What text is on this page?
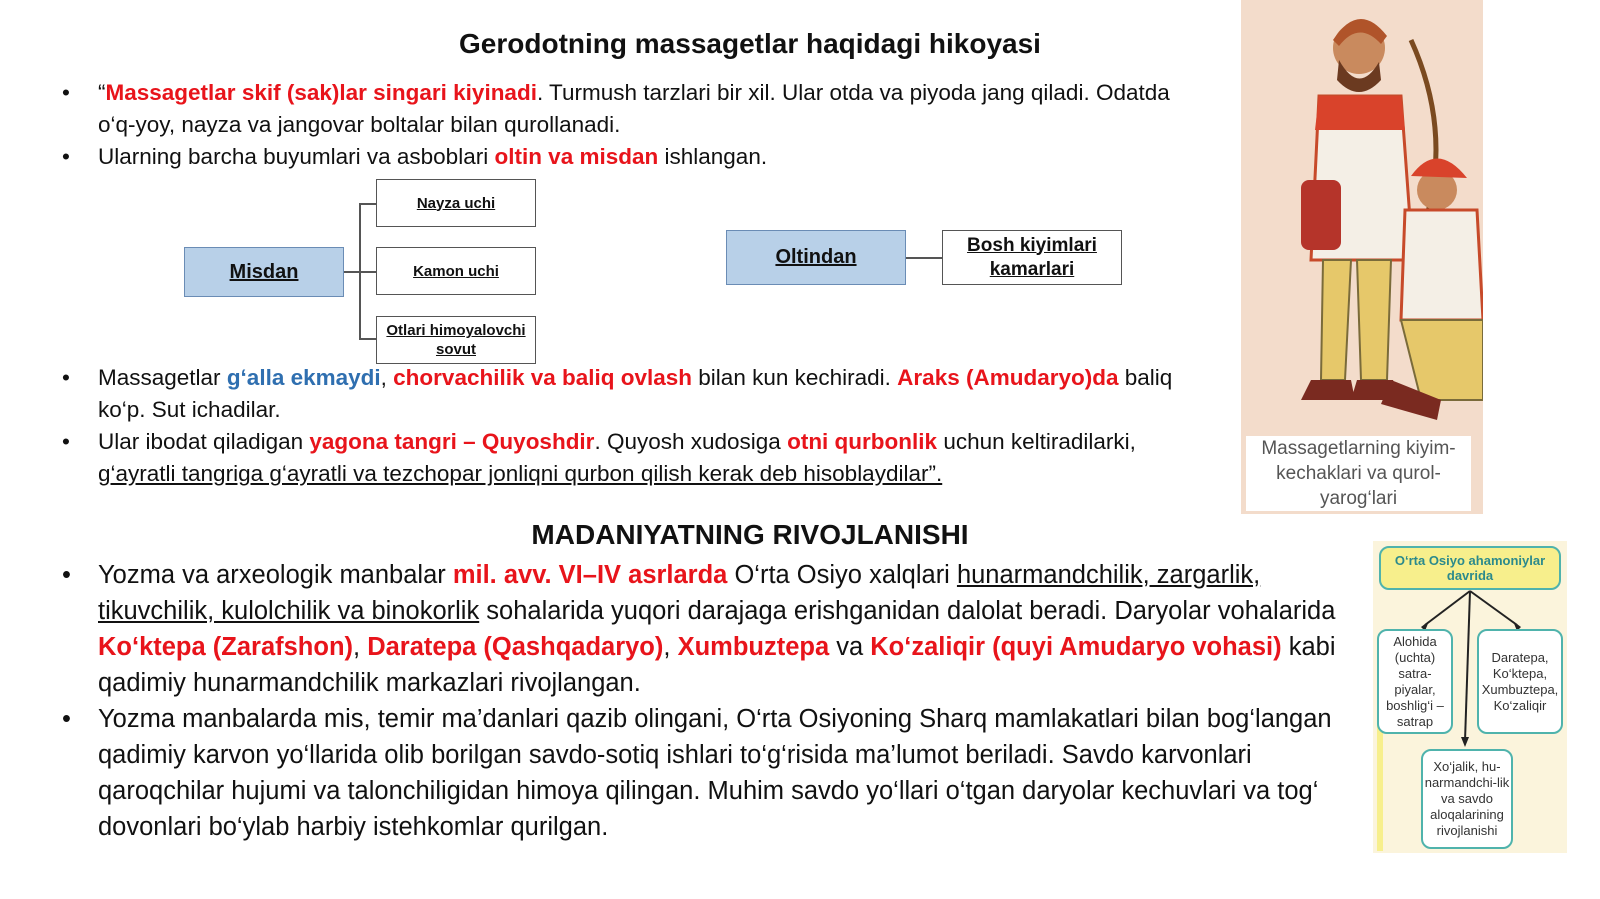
Gerodotning massagetlar haqidagi hikoyasi
• “Massagetlar skif (sak)lar singari kiyinadi. Turmush tarzlari bir xil. Ular otda va piyoda jang qiladi. Odatda o‘q-yoy, nayza va jangovar boltalar bilan qurollanadi.
• Ularning barcha buyumlari va asboblari oltin va misdan ishlangan.
Misdan
Nayza uchi
Kamon uchi
Otlari himoyalovchi sovut
Oltindan
Bosh kiyimlari kamarlari
• Massagetlar g‘alla ekmaydi, chorvachilik va baliq ovlash bilan kun kechiradi. Araks (Amudaryo)da baliq ko‘p. Sut ichadilar.
• Ular ibodat qiladigan yagona tangri – Quyoshdir. Quyosh xudosiga otni qurbonlik uchun keltiradilarki, g‘ayratli tangriga g‘ayratli va tezchopar jonliqni qurbon qilish kerak deb hisoblaydilar”.
MADANIYATNING RIVOJLANISHI
• Yozma va arxeologik manbalar mil. avv. VI–IV asrlarda O‘rta Osiyo xalqlari hunarmandchilik, zargarlik, tikuvchilik, kulolchilik va binokorlik sohalarida yuqori darajaga erishganidan dalolat beradi. Daryolar vohalarida Ko‘ktepa (Zarafshon), Daratepa (Qashqadaryo), Xumbuztepa va Ko‘zaliqir (quyi Amudaryo vohasi) kabi qadimiy hunarmandchilik markazlari rivojlangan.
• Yozma manbalarda mis, temir ma’danlari qazib olingani, O‘rta Osiyoning Sharq mamlakatlari bilan bog‘langan qadimiy karvon yo‘llarida olib borilgan savdo-sotiq ishlari to‘g‘risida ma’lumot beriladi. Savdo karvonlari qaroqchilar hujumi va talonchiligidan himoya qilingan. Muhim savdo yo‘llari o‘tgan daryolar kechuvlari va tog‘ dovonlari bo‘ylab harbiy istehkomlar qurilgan.
Massagetlarning kiyim-kechaklari va qurol-yarog‘lari
O‘rta Osiyo ahamoniylar davrida
Alohida (uchta) satra-piyalar, boshlig‘i – satrap
Daratepa, Ko‘ktepa, Xumbuztepa, Ko‘zaliqir
Xo‘jalik, hu-narmandchi-lik va savdo aloqalarining rivojlanishi
